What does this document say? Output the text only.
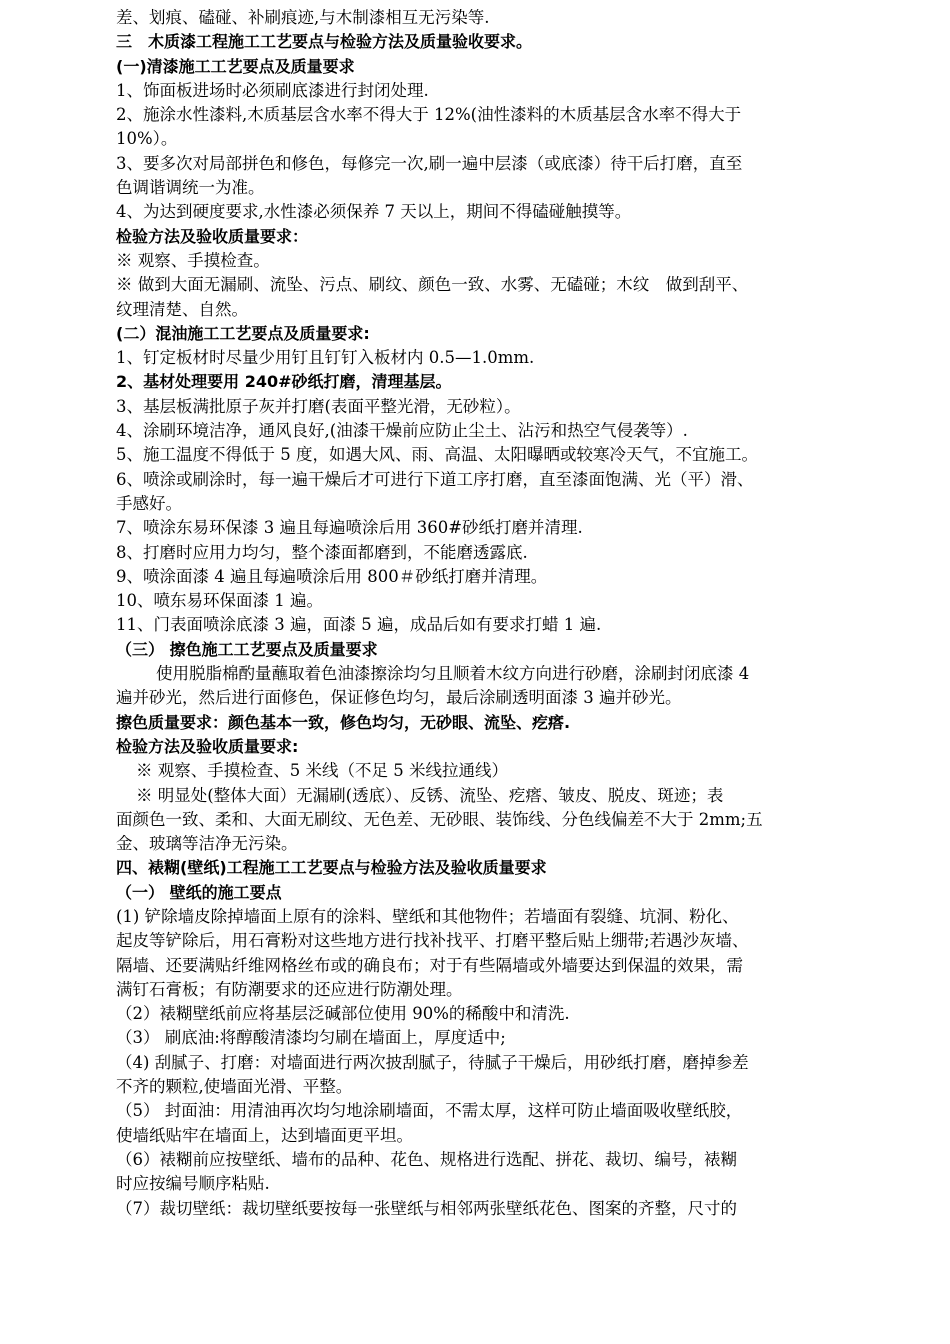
差、划痕、磕碰、补刷痕迹,与木制漆相互无污染等.
三　木质漆工程施工工艺要点与检验方法及质量验收要求。
(一)清漆施工工艺要点及质量要求
1、饰面板进场时必须刷底漆进行封闭处理.
2、施涂水性漆料,木质基层含水率不得大于 12%(油性漆料的木质基层含水率不得大于
10%）。
3、要多次对局部拼色和修色，每修完一次,刷一遍中层漆（或底漆）待干后打磨，直至
色调谐调统一为准。
4、为达到硬度要求,水性漆必须保养 7 天以上，期间不得磕碰触摸等。
检验方法及验收质量要求：
※ 观察、手摸检查。
※ 做到大面无漏刷、流坠、污点、刷纹、颜色一致、水雾、无磕碰；木纹　做到刮平、
纹理清楚、自然。
(二）混油施工工艺要点及质量要求:
1、钉定板材时尽量少用钉且钉钉入板材内 0.5—1.0mm.
2、基材处理要用 240#砂纸打磨，清理基层。
3、基层板满批原子灰并打磨(表面平整光滑，无砂粒）。
4、涂刷环境洁净，通风良好,(油漆干燥前应防止尘土、沾污和热空气侵袭等）.
5、施工温度不得低于 5 度，如遇大风、雨、高温、太阳曝晒或较寒冷天气，不宜施工。
6、喷涂或刷涂时，每一遍干燥后才可进行下道工序打磨，直至漆面饱满、光（平）滑、
手感好。
7、喷涂东易环保漆 3 遍且每遍喷涂后用 360#砂纸打磨并清理.
8、打磨时应用力均匀，整个漆面都磨到，不能磨透露底.
9、喷涂面漆 4 遍且每遍喷涂后用 800＃砂纸打磨并清理。
10、喷东易环保面漆 1 遍。
11、门表面喷涂底漆 3 遍，面漆 5 遍，成品后如有要求打蜡 1 遍.
（三） 擦色施工工艺要点及质量要求
使用脱脂棉酌量蘸取着色油漆擦涂均匀且顺着木纹方向进行砂磨，涂刷封闭底漆 4
遍并砂光，然后进行面修色，保证修色均匀，最后涂刷透明面漆 3 遍并砂光。
擦色质量要求：颜色基本一致，修色均匀，无砂眼、流坠、疙瘩.
检验方法及验收质量要求:
※ 观察、手摸检查、5 米线（不足 5 米线拉通线）
※ 明显处(整体大面）无漏刷(透底）、反锈、流坠、疙瘩、皱皮、脱皮、斑迹；表
面颜色一致、柔和、大面无刷纹、无色差、无砂眼、装饰线、分色线偏差不大于 2mm;五
金、玻璃等洁净无污染。
四、裱糊(壁纸)工程施工工艺要点与检验方法及验收质量要求
（一） 壁纸的施工要点
(1) 铲除墙皮除掉墙面上原有的涂料、壁纸和其他物件；若墙面有裂缝、坑洞、粉化、
起皮等铲除后，用石膏粉对这些地方进行找补找平、打磨平整后贴上绷带;若遇沙灰墙、
隔墙、还要满贴纤维网格丝布或的确良布；对于有些隔墙或外墙要达到保温的效果，需
满钉石膏板；有防潮要求的还应进行防潮处理。
（2）裱糊壁纸前应将基层泛碱部位使用 90%的稀酸中和清洗.
（3） 刷底油:将醇酸清漆均匀刷在墙面上，厚度适中;
（4) 刮腻子、打磨：对墙面进行两次披刮腻子，待腻子干燥后，用砂纸打磨，磨掉参差
不齐的颗粒,使墙面光滑、平整。
（5） 封面油：用清油再次均匀地涂刷墙面，不需太厚，这样可防止墙面吸收壁纸胶，
使墙纸贴牢在墙面上，达到墙面更平坦。
（6）裱糊前应按壁纸、墙布的品种、花色、规格进行选配、拼花、裁切、编号，裱糊
时应按编号顺序粘贴.
（7）裁切壁纸：裁切壁纸要按每一张壁纸与相邻两张壁纸花色、图案的齐整，尺寸的
